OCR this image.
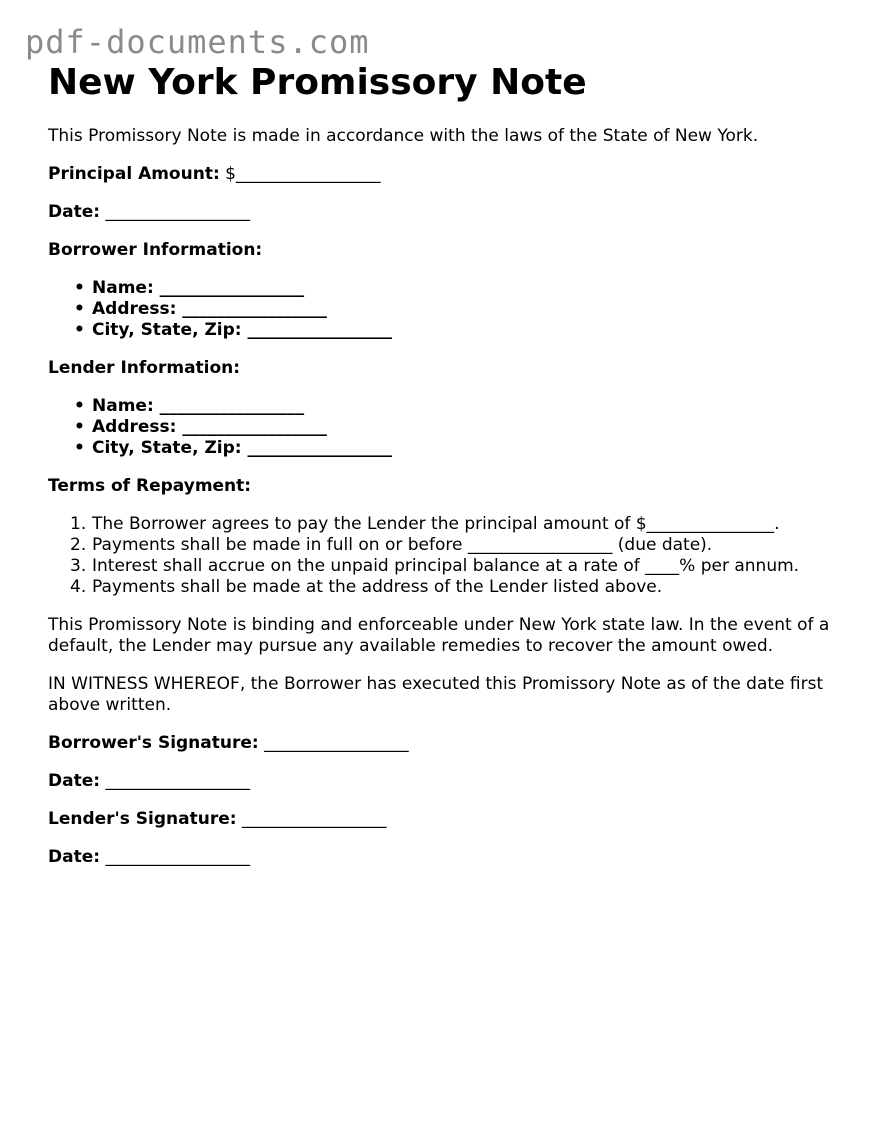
pdf-documents.com
New York Promissory Note

This Promissory Note is made in accordance with the laws of the State of New York.

Principal Amount: $_________________

Date: _________________

Borrower Information:

• Name: _________________
• Address: _________________
• City, State, Zip: _________________

Lender Information:

• Name: _________________
• Address: _________________
• City, State, Zip: _________________

Terms of Repayment:

1. The Borrower agrees to pay the Lender the principal amount of $_______________.
2. Payments shall be made in full on or before _________________ (due date).
3. Interest shall accrue on the unpaid principal balance at a rate of ____% per annum.
4. Payments shall be made at the address of the Lender listed above.

This Promissory Note is binding and enforceable under New York state law. In the event of a default, the Lender may pursue any available remedies to recover the amount owed.

IN WITNESS WHEREOF, the Borrower has executed this Promissory Note as of the date first above written.

Borrower's Signature: _________________

Date: _________________

Lender's Signature: _________________

Date: _________________
